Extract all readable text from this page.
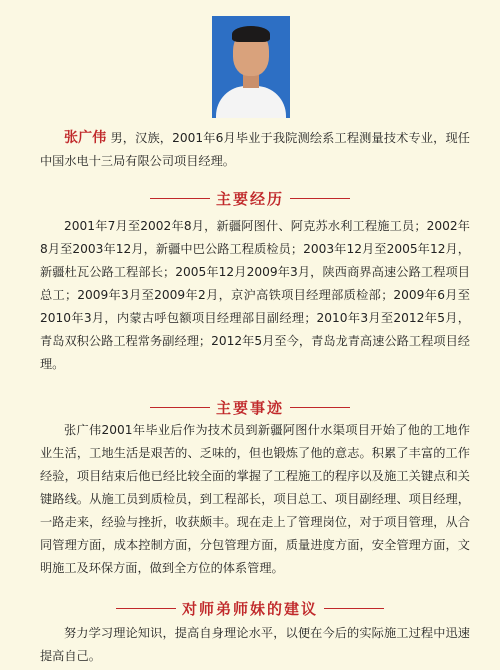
张广伟 男，汉族，2001年6月毕业于我院测绘系工程测量技术专业，现任中国水电十三局有限公司项目经理。
主要经历
2001年7月至2002年8月，新疆阿图什、阿克苏水利工程施工员；2002年8月至2003年12月，新疆中巴公路工程质检员；2003年12月至2005年12月，新疆杜瓦公路工程部长；2005年12月2009年3月，陕西商界高速公路工程项目总工；2009年3月至2009年2月，京沪高铁项目经理部质检部；2009年6月至2010年3月，内蒙古呼包额项目经理部目副经理；2010年3月至2012年5月，青岛双积公路工程常务副经理；2012年5月至今，青岛龙青高速公路工程项目经理。
主要事迹
张广伟2001年毕业后作为技术员到新疆阿图什水渠项目开始了他的工地作业生活，工地生活是艰苦的、乏味的，但也锻炼了他的意志。积累了丰富的工作经验，项目结束后他已经比较全面的掌握了工程施工的程序以及施工关键点和关键路线。从施工员到质检员，到工程部长，项目总工、项目副经理、项目经理，一路走来，经验与挫折，收获颇丰。现在走上了管理岗位，对于项目管理，从合同管理方面，成本控制方面，分包管理方面，质量进度方面，安全管理方面，文明施工及环保方面，做到全方位的体系管理。
对师弟师妹的建议
努力学习理论知识，提高自身理论水平，以便在今后的实际施工过程中迅速提高自己。
